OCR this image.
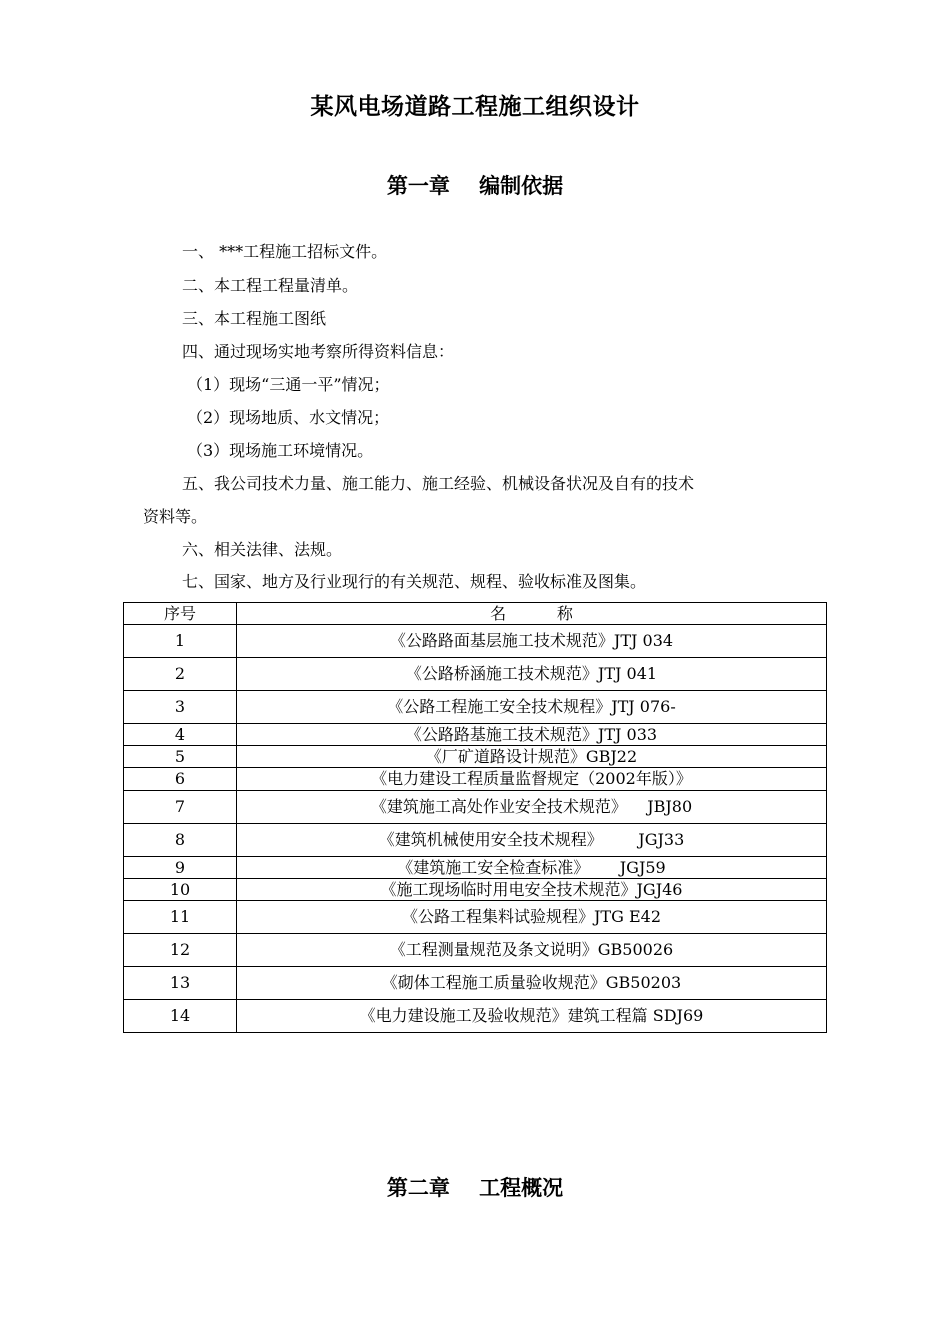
某风电场道路工程施工组织设计
第一章    编制依据
一、 ***工程施工招标文件。
二、本工程工程量清单。
三、本工程施工图纸
四、通过现场实地考察所得资料信息：
（1）现场“三通一平”情况；
（2）现场地质、水文情况；
（3）现场施工环境情况。
五、我公司技术力量、施工能力、施工经验、机械设备状况及自有的技术
资料等。
六、相关法律、法规。
七、国家、地方及行业现行的有关规范、规程、验收标准及图集。
序号	名          称
1	《公路路面基层施工技术规范》JTJ 034
2	《公路桥涵施工技术规范》JTJ 041
3	《公路工程施工安全技术规程》JTJ 076-
4	《公路路基施工技术规范》JTJ 033
5	《厂矿道路设计规范》GBJ22
6	《电力建设工程质量监督规定（2002年版）》
7	《建筑施工高处作业安全技术规范》    JBJ80
8	《建筑机械使用安全技术规程》       JGJ33
9	《建筑施工安全检查标准》      JGJ59
10	《施工现场临时用电安全技术规范》JGJ46
11	《公路工程集料试验规程》JTG E42
12	《工程测量规范及条文说明》GB50026
13	《砌体工程施工质量验收规范》GB50203
14	《电力建设施工及验收规范》建筑工程篇 SDJ69
第二章    工程概况
